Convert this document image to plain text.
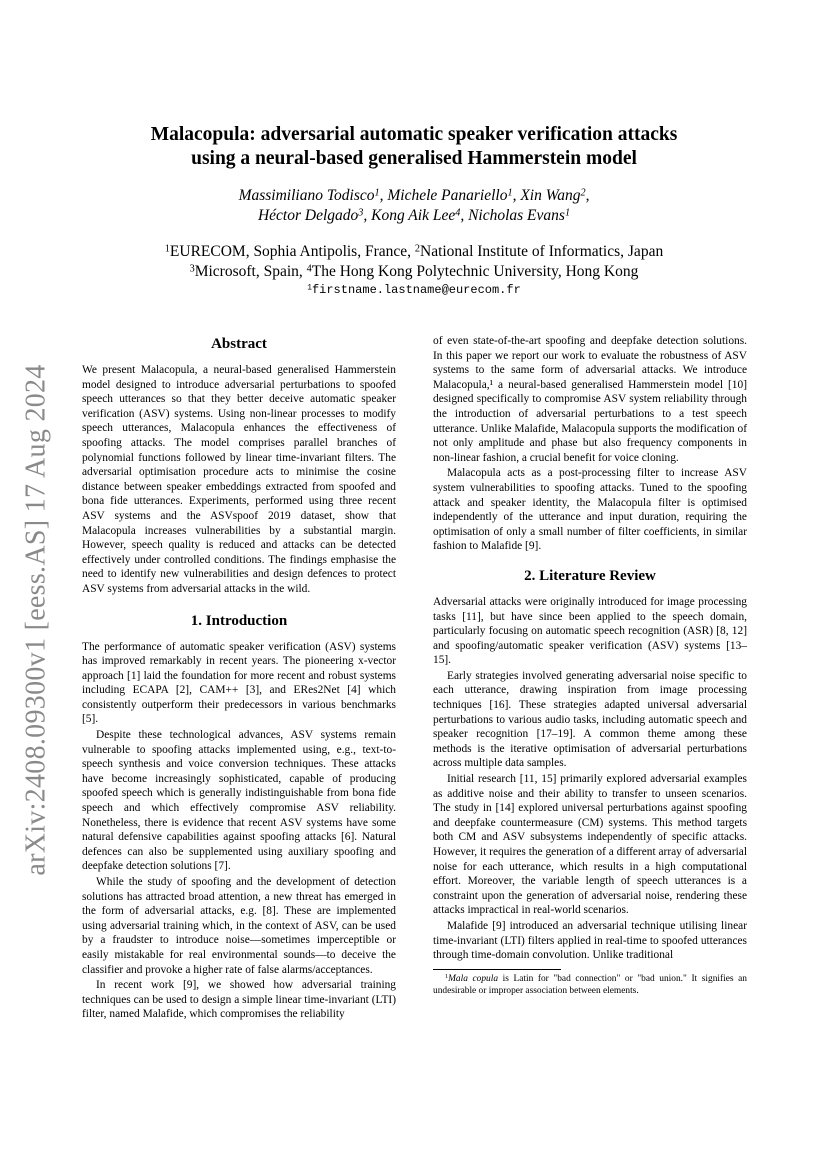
arXiv:2408.09300v1 [eess.AS] 17 Aug 2024
Malacopula: adversarial automatic speaker verification attacks
using a neural-based generalised Hammerstein model
Massimiliano Todisco$^1$, Michele Panariello$^1$, Xin Wang$^2$,
Héctor Delgado$^3$, Kong Aik Lee$^4$, Nicholas Evans$^1$
$^1$EURECOM, Sophia Antipolis, France, $^2$National Institute of Informatics, Japan
$^3$Microsoft, Spain, $^4$The Hong Kong Polytechnic University, Hong Kong
$^1$firstname.lastname@eurecom.fr
Abstract

We present Malacopula, a neural-based generalised Hammerstein model designed to introduce adversarial perturbations to spoofed speech utterances so that they better deceive automatic speaker verification (ASV) systems. Using non-linear processes to modify speech utterances, Malacopula enhances the effectiveness of spoofing attacks. The model comprises parallel branches of polynomial functions followed by linear time-invariant filters. The adversarial optimisation procedure acts to minimise the cosine distance between speaker embeddings extracted from spoofed and bona fide utterances. Experiments, performed using three recent ASV systems and the ASVspoof 2019 dataset, show that Malacopula increases vulnerabilities by a substantial margin. However, speech quality is reduced and attacks can be detected effectively under controlled conditions. The findings emphasise the need to identify new vulnerabilities and design defences to protect ASV systems from adversarial attacks in the wild.

1. Introduction

The performance of automatic speaker verification (ASV) systems has improved remarkably in recent years. The pioneering x-vector approach [1] laid the foundation for more recent and robust systems including ECAPA [2], CAM++ [3], and ERes2Net [4] which consistently outperform their predecessors in various benchmarks [5].

Despite these technological advances, ASV systems remain vulnerable to spoofing attacks implemented using, e.g., text-to-speech synthesis and voice conversion techniques. These attacks have become increasingly sophisticated, capable of producing spoofed speech which is generally indistinguishable from bona fide speech and which effectively compromise ASV reliability. Nonetheless, there is evidence that recent ASV systems have some natural defensive capabilities against spoofing attacks [6]. Natural defences can also be supplemented using auxiliary spoofing and deepfake detection solutions [7].

While the study of spoofing and the development of detection solutions has attracted broad attention, a new threat has emerged in the form of adversarial attacks, e.g. [8]. These are implemented using adversarial training which, in the context of ASV, can be used by a fraudster to introduce noise—sometimes imperceptible or easily mistakable for real environmental sounds—to deceive the classifier and provoke a higher rate of false alarms/acceptances.

In recent work [9], we showed how adversarial training techniques can be used to design a simple linear time-invariant (LTI) filter, named Malafide, which compromises the reliability

of even state-of-the-art spoofing and deepfake detection solutions. In this paper we report our work to evaluate the robustness of ASV systems to the same form of adversarial attacks. We introduce Malacopula,¹ a neural-based generalised Hammerstein model [10] designed specifically to compromise ASV system reliability through the introduction of adversarial perturbations to a test speech utterance. Unlike Malafide, Malacopula supports the modification of not only amplitude and phase but also frequency components in non-linear fashion, a crucial benefit for voice cloning.

Malacopula acts as a post-processing filter to increase ASV system vulnerabilities to spoofing attacks. Tuned to the spoofing attack and speaker identity, the Malacopula filter is optimised independently of the utterance and input duration, requiring the optimisation of only a small number of filter coefficients, in similar fashion to Malafide [9].

2. Literature Review

Adversarial attacks were originally introduced for image processing tasks [11], but have since been applied to the speech domain, particularly focusing on automatic speech recognition (ASR) [8, 12] and spoofing/automatic speaker verification (ASV) systems [13–15].

Early strategies involved generating adversarial noise specific to each utterance, drawing inspiration from image processing techniques [16]. These strategies adapted universal adversarial perturbations to various audio tasks, including automatic speech and speaker recognition [17–19]. A common theme among these methods is the iterative optimisation of adversarial perturbations across multiple data samples.

Initial research [11, 15] primarily explored adversarial examples as additive noise and their ability to transfer to unseen scenarios. The study in [14] explored universal perturbations against spoofing and deepfake countermeasure (CM) systems. This method targets both CM and ASV subsystems independently of specific attacks. However, it requires the generation of a different array of adversarial noise for each utterance, which results in a high computational effort. Moreover, the variable length of speech utterances is a constraint upon the generation of adversarial noise, rendering these attacks impractical in real-world scenarios.

Malafide [9] introduced an adversarial technique utilising linear time-invariant (LTI) filters applied in real-time to spoofed utterances through time-domain convolution. Unlike traditional

$^1$Mala copula is Latin for "bad connection" or "bad union." It signifies an undesirable or improper association between elements.
